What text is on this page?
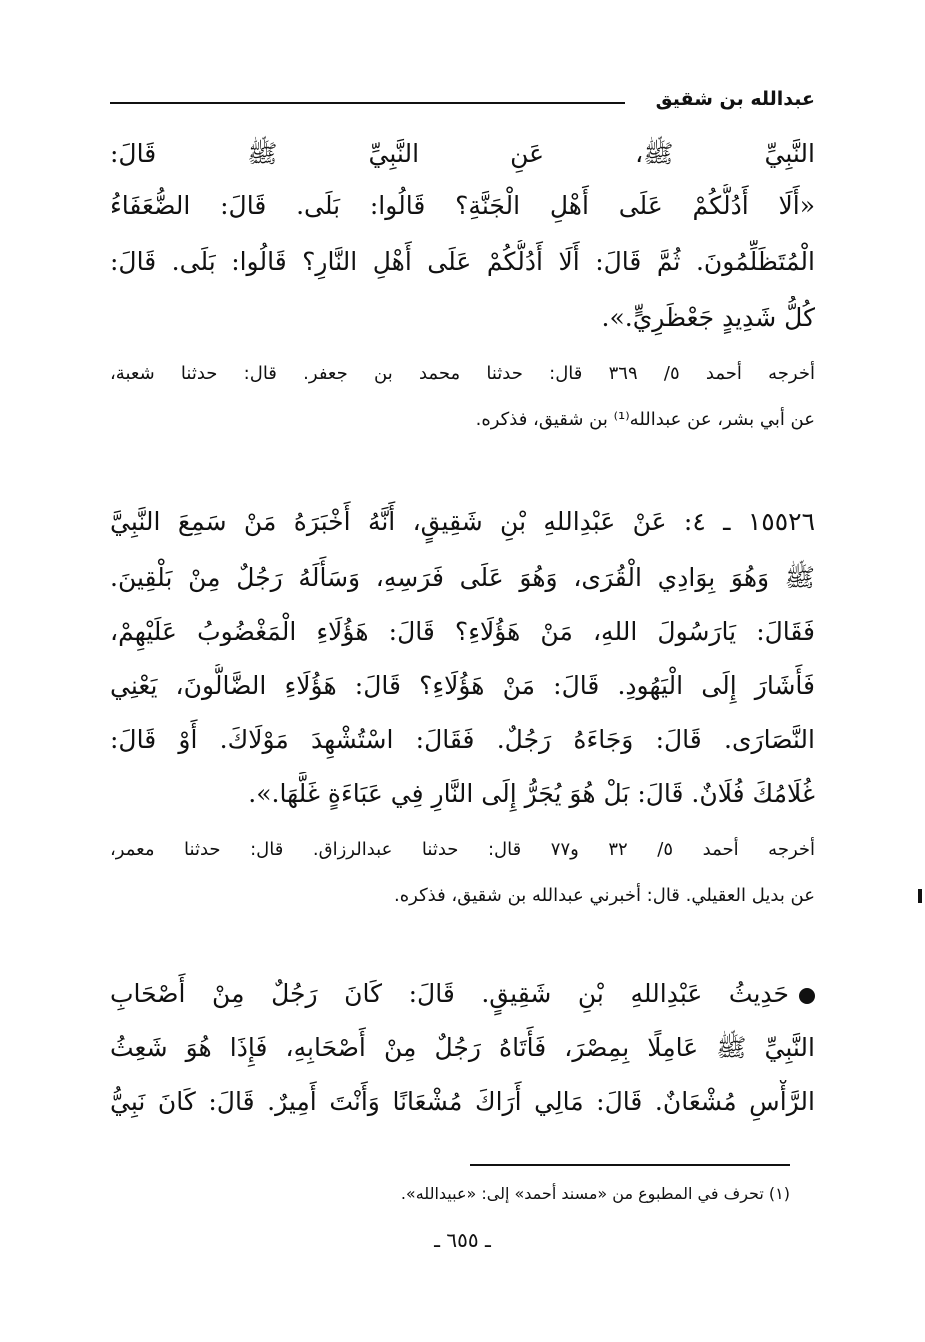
عبدالله بن شقيق
النَّبِيِّ ﷺ، عَنِ النَّبِيِّ ﷺ قَالَ:
«أَلَا أَدُلُّكُمْ عَلَى أَهْلِ الْجَنَّةِ؟ قَالُوا: بَلَى. قَالَ: الضُّعَفَاءُ
الْمُتَظَلِّمُونَ. ثُمَّ قَالَ: أَلَا أَدُلُّكُمْ عَلَى أَهْلِ النَّارِ؟ قَالُوا: بَلَى. قَالَ:
كُلُّ شَدِيدٍ جَعْظَرِيٍّ.».
أخرجه أحمد ٥/ ٣٦٩ قال: حدثنا محمد بن جعفر. قال: حدثنا شعبة،
عن أبي بشر، عن عبدالله⁽¹⁾ بن شقيق، فذكره.
١٥٥٢٦ ـ ٤: عَنْ عَبْدِاللهِ بْنِ شَقِيقٍ، أَنَّهُ أَخْبَرَهُ مَنْ سَمِعَ النَّبِيَّ
ﷺ وَهُوَ بِوَادِي الْقُرَى، وَهُوَ عَلَى فَرَسِهِ، وَسَأَلَهُ رَجُلٌ مِنْ بَلْقِينَ.
فَقَالَ: يَارَسُولَ اللهِ، مَنْ هَؤُلَاءِ؟ قَالَ: هَؤُلَاءِ الْمَغْضُوبُ عَلَيْهِمْ،
فَأَشَارَ إِلَى الْيَهُودِ. قَالَ: مَنْ هَؤُلَاءِ؟ قَالَ: هَؤُلَاءِ الضَّالُّونَ، يَعْنِي
النَّصَارَى. قَالَ: وَجَاءَهُ رَجُلٌ. فَقَالَ: اسْتُشْهِدَ مَوْلَاكَ. أَوْ قَالَ:
غُلَامُكَ فُلَانٌ. قَالَ: بَلْ هُوَ يُجَرُّ إِلَى النَّارِ فِي عَبَاءَةٍ غَلَّهَا.».
أخرجه أحمد ٥/ ٣٢ و٧٧ قال: حدثنا عبدالرزاق. قال: حدثنا معمر،
عن بديل العقيلي. قال: أخبرني عبدالله بن شقيق، فذكره.
حَدِيثُ عَبْدِاللهِ بْنِ شَقِيقٍ. قَالَ: كَانَ رَجُلٌ مِنْ أَصْحَابِ
النَّبِيِّ ﷺ عَامِلًا بِمِصْرَ، فَأَتَاهُ رَجُلٌ مِنْ أَصْحَابِهِ، فَإِذَا هُوَ شَعِثُ
الرَّأْسِ مُشْعَانٌ. قَالَ: مَالِي أَرَاكَ مُشْعَانًا وَأَنْتَ أَمِيرٌ. قَالَ: كَانَ نَبِيُّ
(١) تحرف في المطبوع من «مسند أحمد» إلى: «عبيدالله».
ـ ٦٥٥ ـ
